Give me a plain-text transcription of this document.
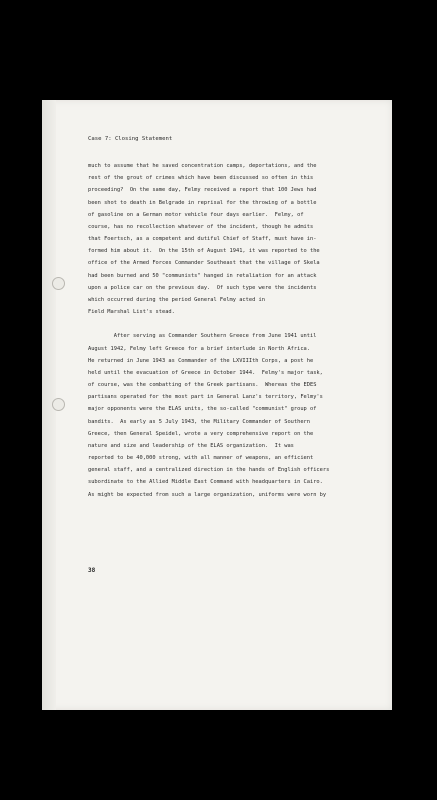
Case 7: Closing Statement
much to assume that he saved concentration camps, deportations, and the
rest of the grout of crimes which have been discussed so often in this
proceeding?  On the same day, Felmy received a report that 100 Jews had
been shot to death in Belgrade in reprisal for the throwing of a bottle
of gasoline on a German motor vehicle four days earlier.  Felmy, of
course, has no recollection whatever of the incident, though he admits
that Foertsch, as a competent and dutiful Chief of Staff, must have in-
formed him about it.  On the 15th of August 1941, it was reported to the
office of the Armed Forces Commander Southeast that the village of Skela
had been burned and 50 "communists" hanged in retaliation for an attack
upon a police car on the previous day.  Of such type were the incidents
which occurred during the period General Felmy acted in
Field Marshal List's stead.
After serving as Commander Southern Greece from June 1941 until
August 1942, Felmy left Greece for a brief interlude in North Africa.
He returned in June 1943 as Commander of the LXVIIIth Corps, a post he
held until the evacuation of Greece in October 1944.  Felmy's major task,
of course, was the combatting of the Greek partisans.  Whereas the EDES
partisans operated for the most part in General Lanz's territory, Felmy's
major opponents were the ELAS units, the so-called "communist" group of
bandits.  As early as 5 July 1943, the Military Commander of Southern
Greece, then General Speidel, wrote a very comprehensive report on the
nature and size and leadership of the ELAS organization.  It was
reported to be 40,000 strong, with all manner of weapons, an efficient
general staff, and a centralized direction in the hands of English officers
subordinate to the Allied Middle East Command with headquarters in Cairo.
As might be expected from such a large organization, uniforms were worn by
38
